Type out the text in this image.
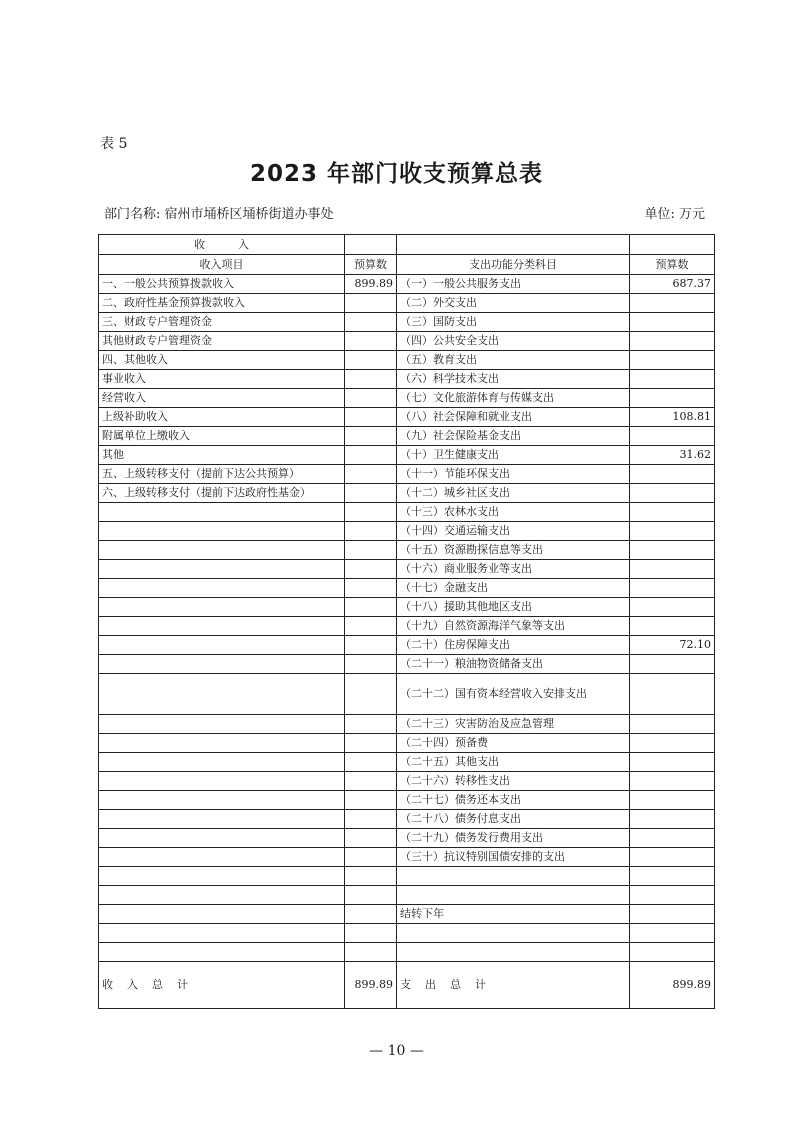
表 5
2023 年部门收支预算总表
部门名称: 宿州市埇桥区埇桥街道办事处	单位: 万元
收　　　入			
收入项目	预算数	支出功能分类科目	预算数
一、一般公共预算拨款收入	899.89	（一）一般公共服务支出	687.37
二、政府性基金预算拨款收入		（二）外交支出	
三、财政专户管理资金		（三）国防支出	
其他财政专户管理资金		（四）公共安全支出	
四、其他收入		（五）教育支出	
事业收入		（六）科学技术支出	
经营收入		（七）文化旅游体育与传媒支出	
上级补助收入		（八）社会保障和就业支出	108.81
附属单位上缴收入		（九）社会保险基金支出	
其他		（十）卫生健康支出	31.62
五、上级转移支付（提前下达公共预算）		（十一）节能环保支出	
六、上级转移支付（提前下达政府性基金）		（十二）城乡社区支出	
		（十三）农林水支出	
		（十四）交通运输支出	
		（十五）资源勘探信息等支出	
		（十六）商业服务业等支出	
		（十七）金融支出	
		（十八）援助其他地区支出	
		（十九）自然资源海洋气象等支出	
		（二十）住房保障支出	72.10
		（二十一）粮油物资储备支出	
		（二十二）国有资本经营收入安排支出	
		（二十三）灾害防治及应急管理	
		（二十四）预备费	
		（二十五）其他支出	
		（二十六）转移性支出	
		（二十七）债务还本支出	
		（二十八）债务付息支出	
		（二十九）债务发行费用支出	
		（三十）抗议特别国债安排的支出	

		结转下年	

收入总计	899.89	支出总计	899.89
— 10 —
